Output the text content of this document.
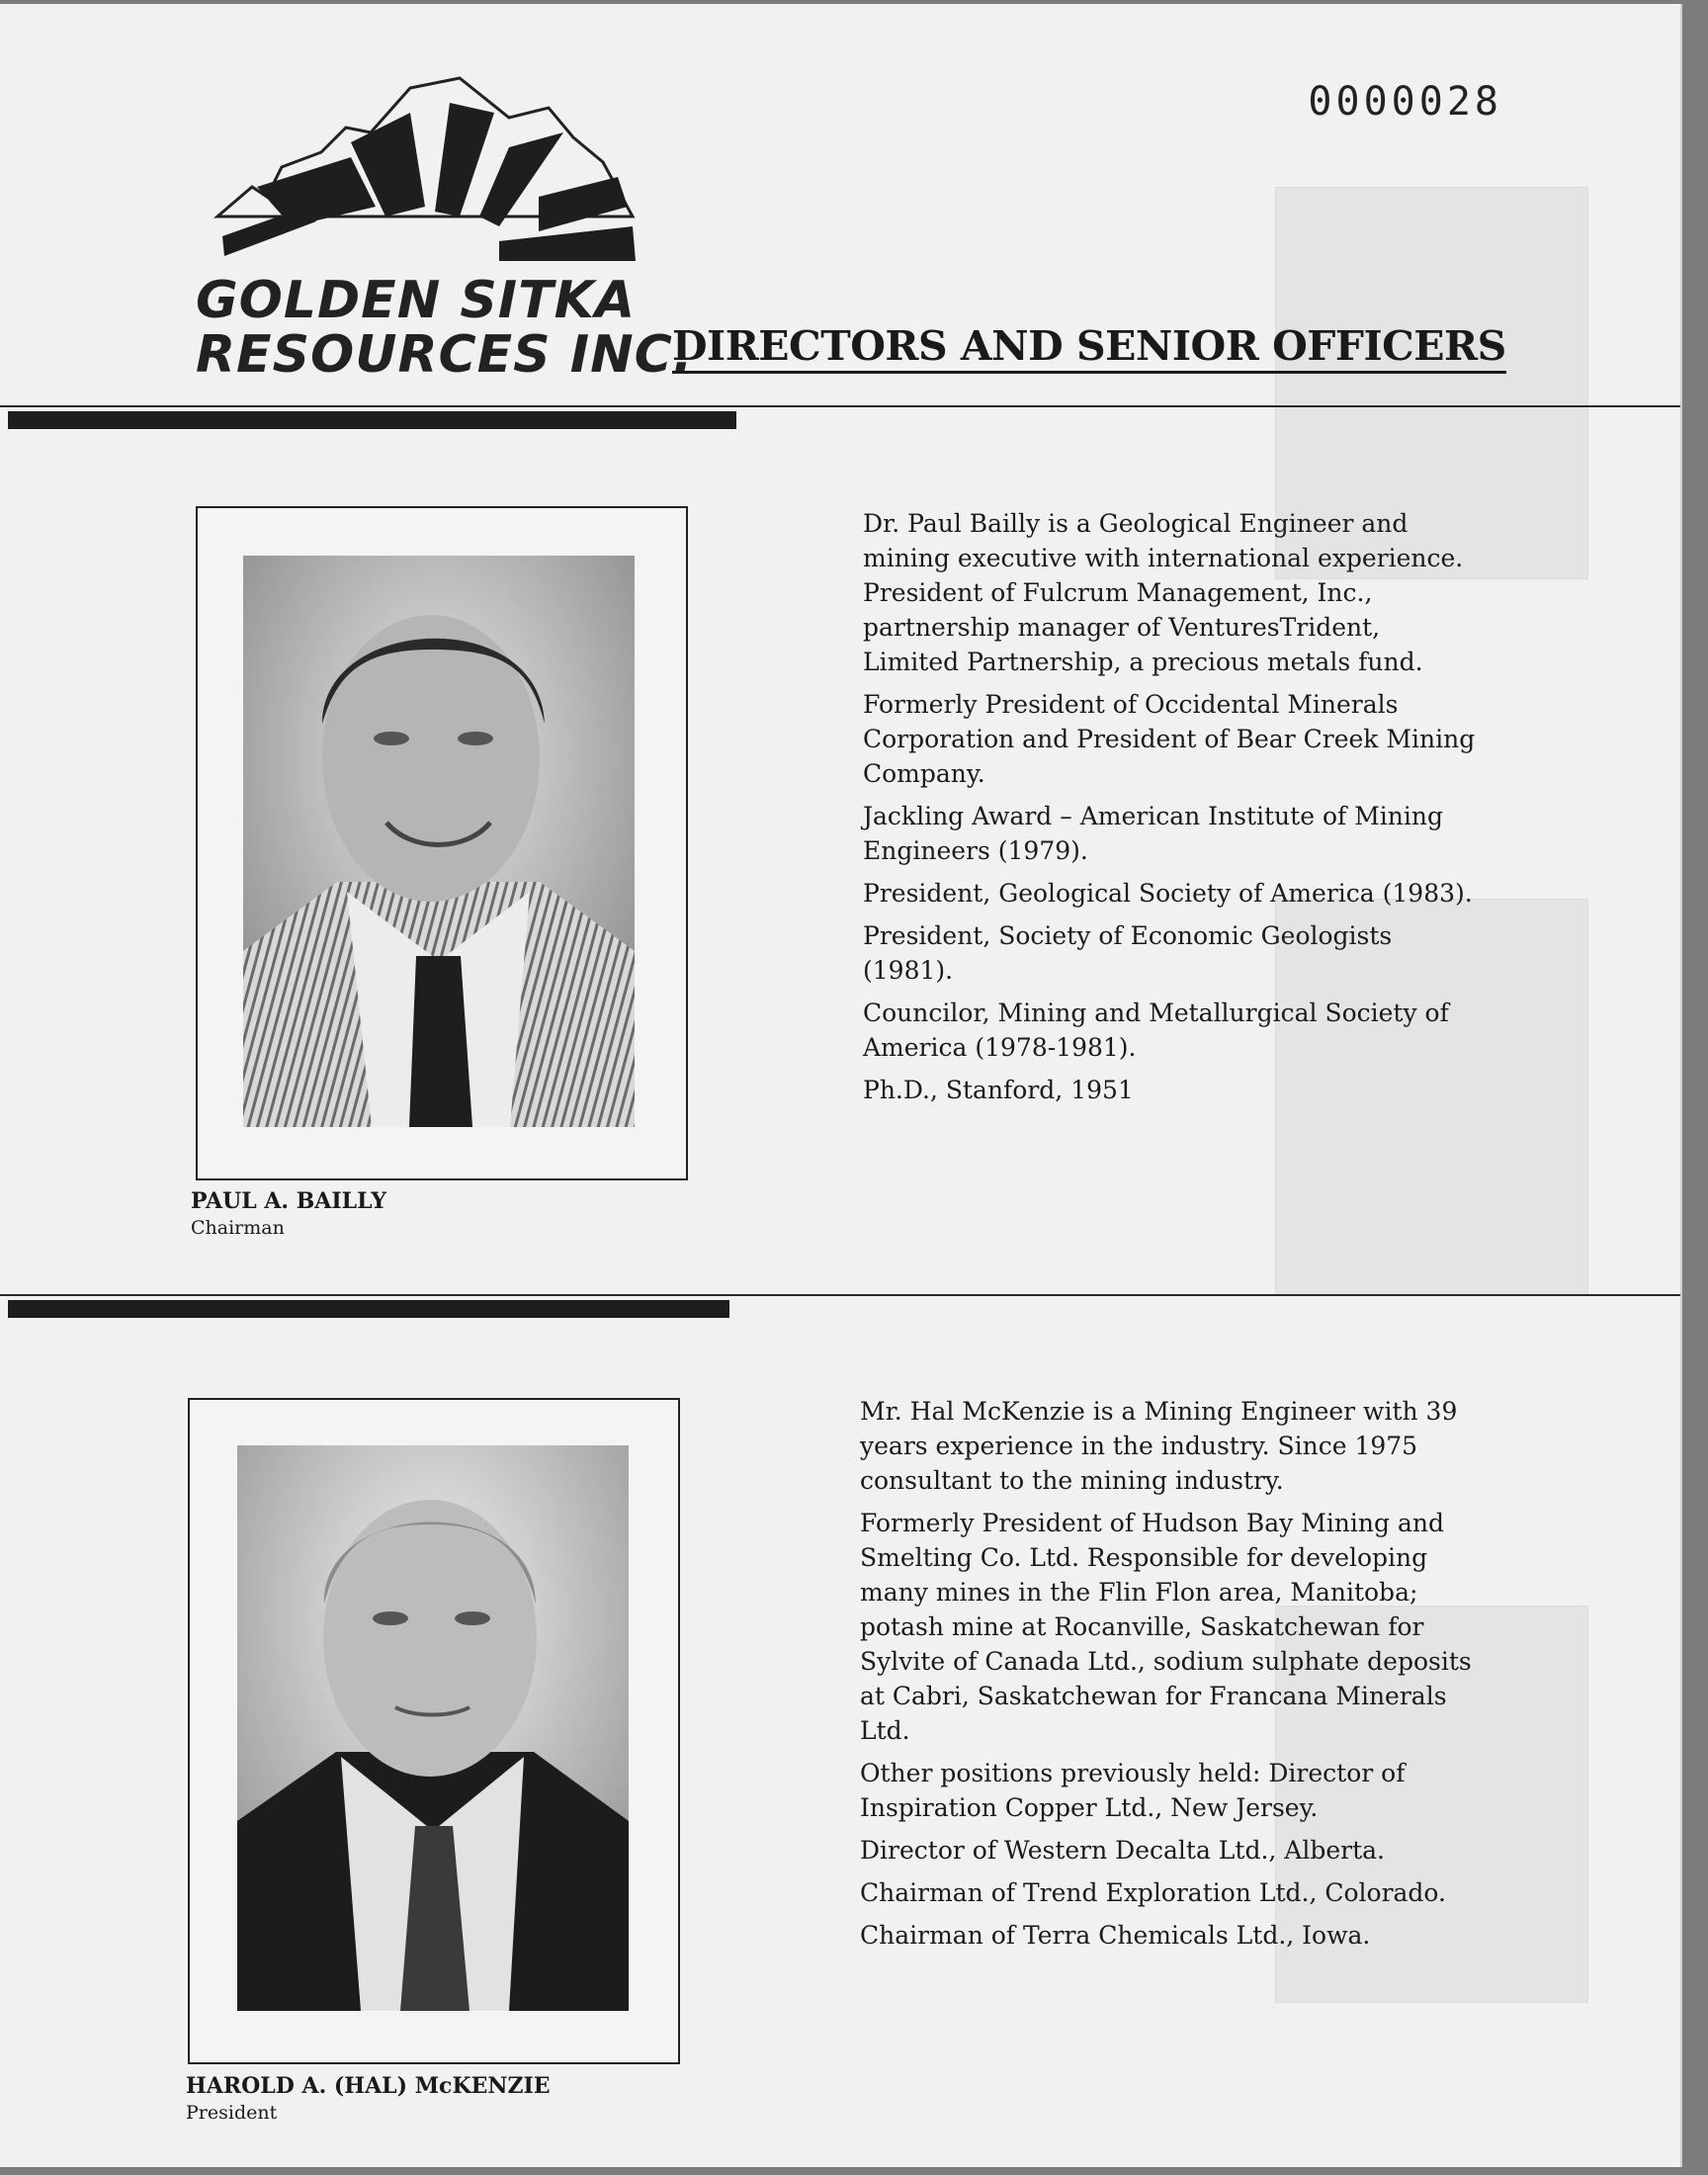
0000028
GOLDEN SITKA
RESOURCES INC.
DIRECTORS AND SENIOR OFFICERS
PAUL A. BAILLY
Chairman

Dr. Paul Bailly is a Geological Engineer and mining executive with international experience. President of Fulcrum Management, Inc., partnership manager of VenturesTrident, Limited Partnership, a precious metals fund.

Formerly President of Occidental Minerals Corporation and President of Bear Creek Mining Company.

Jackling Award – American Institute of Mining Engineers (1979).

President, Geological Society of America (1983).

President, Society of Economic Geologists (1981).

Councilor, Mining and Metallurgical Society of America (1978-1981).

Ph.D., Stanford, 1951

HAROLD A. (HAL) McKENZIE
President

Mr. Hal McKenzie is a Mining Engineer with 39 years experience in the industry. Since 1975 consultant to the mining industry.

Formerly President of Hudson Bay Mining and Smelting Co. Ltd. Responsible for developing many mines in the Flin Flon area, Manitoba; potash mine at Rocanville, Saskatchewan for Sylvite of Canada Ltd., sodium sulphate deposits at Cabri, Saskatchewan for Francana Minerals Ltd.

Other positions previously held: Director of Inspiration Copper Ltd., New Jersey.

Director of Western Decalta Ltd., Alberta.

Chairman of Trend Exploration Ltd., Colorado.

Chairman of Terra Chemicals Ltd., Iowa.
